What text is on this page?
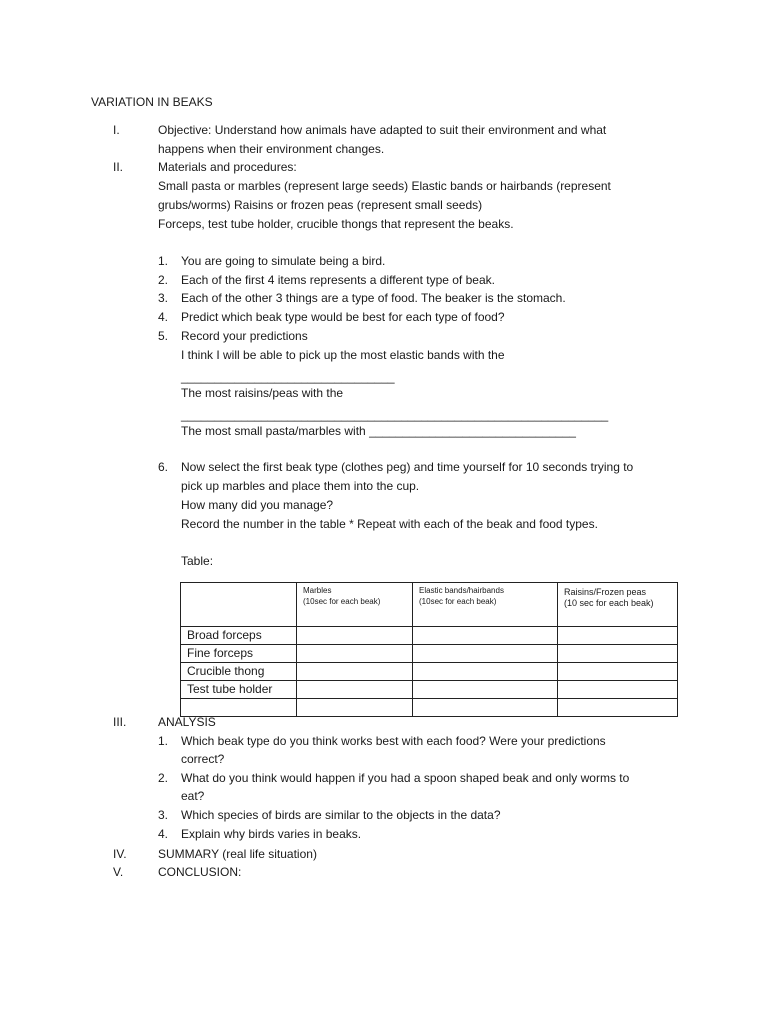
VARIATION IN BEAKS
I.	Objective: Understand how animals have adapted to suit their environment and what
happens when their environment changes.
II.	Materials and procedures:
Small pasta or marbles (represent large seeds) Elastic bands or hairbands (represent
grubs/worms) Raisins or frozen peas (represent small seeds)
Forceps, test tube holder, crucible thongs that represent the beaks.
1. You are going to simulate being a bird.
2. Each of the first 4 items represents a different type of beak.
3. Each of the other 3 things are a type of food. The beaker is the stomach.
4. Predict which beak type would be best for each type of food?
5. Record your predictions
I think I will be able to pick up the most elastic bands with the
________________________________
The most raisins/peas with the
________________________________________________________________
The most small pasta/marbles with _______________________________
6. Now select the first beak type (clothes peg) and time yourself for 10 seconds trying to
pick up marbles and place them into the cup.
How many did you manage?
Record the number in the table * Repeat with each of the beak and food types.
Table:

	Marbles
(10sec for each beak)	Elastic bands/hairbands
(10sec for each beak)	Raisins/Frozen peas
(10 sec for each beak)

Broad forceps			
Fine forceps			
Crucible thong			
Test tube holder			

III.	ANALYSIS
1. Which beak type do you think works best with each food? Were your predictions
correct?
2. What do you think would happen if you had a spoon shaped beak and only worms to
eat?
3. Which species of birds are similar to the objects in the data?
4. Explain why birds varies in beaks.
IV.	SUMMARY (real life situation)
V.	CONCLUSION:
